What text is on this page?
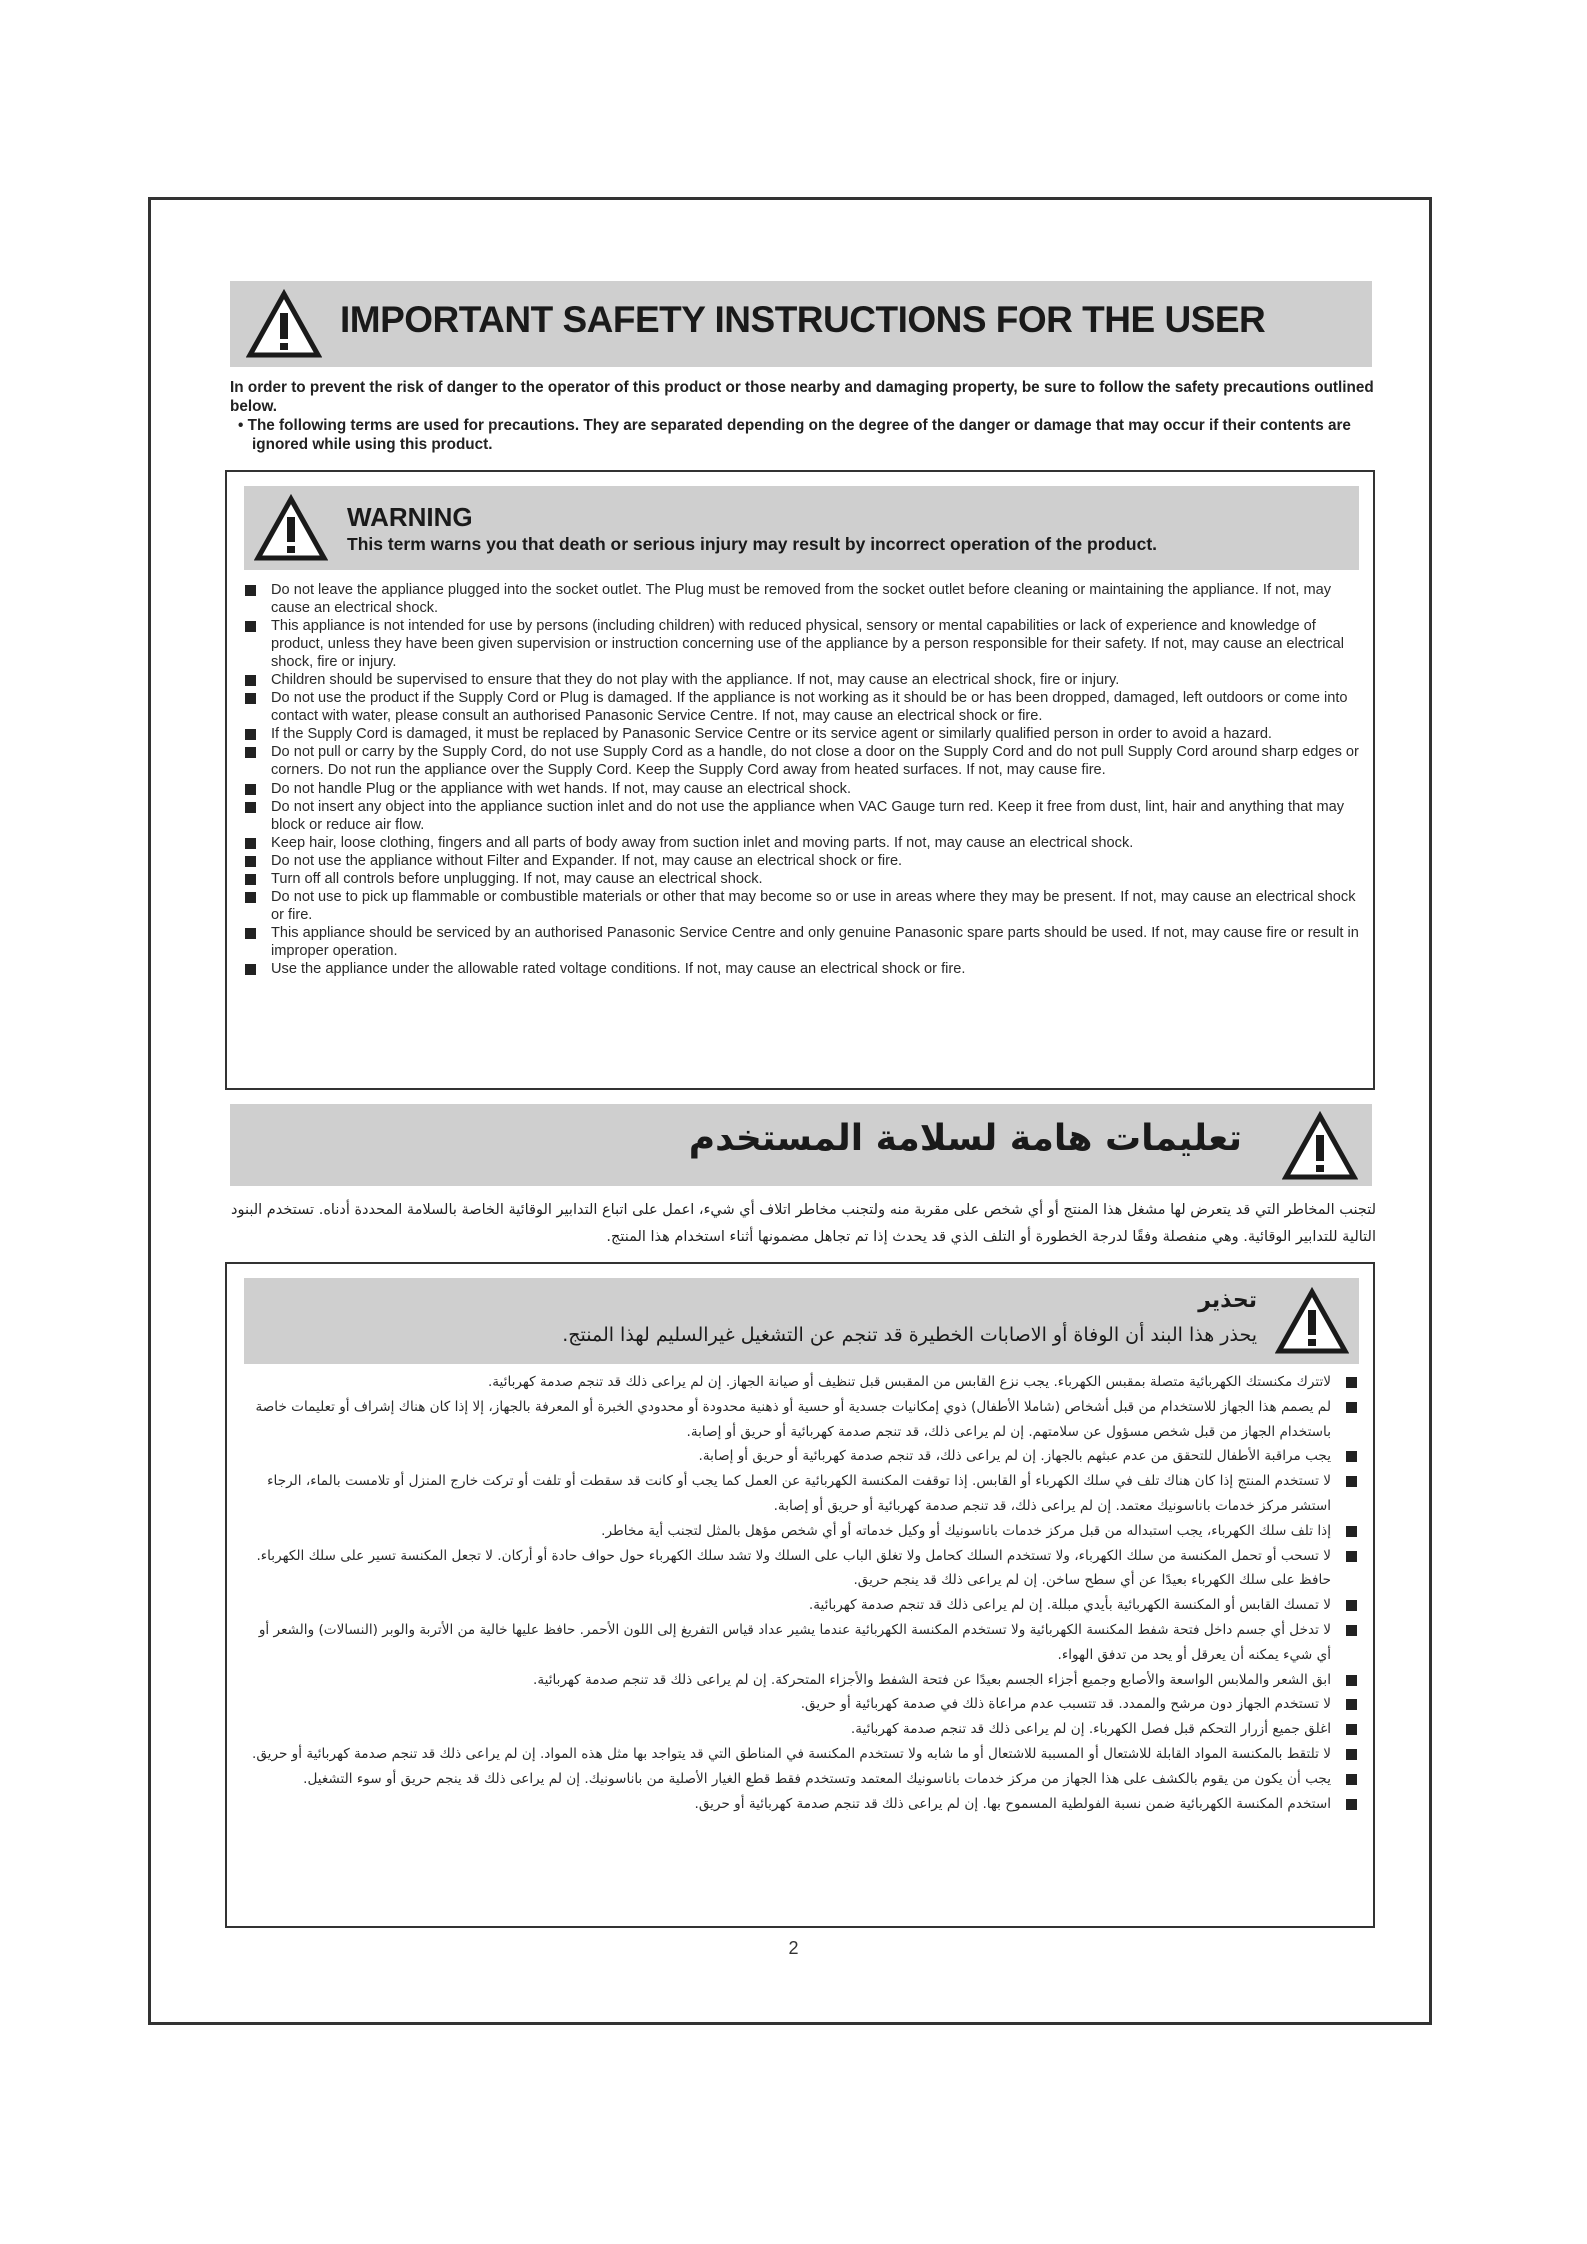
IMPORTANT SAFETY INSTRUCTIONS FOR THE USER

In order to prevent the risk of danger to the operator of this product or those nearby and damaging property, be sure to follow the safety precautions outlined below.

• The following terms are used for precautions. They are separated depending on the degree of the danger or damage that may occur if their contents are ignored while using this product.

WARNING
This term warns you that death or serious injury may result by incorrect operation of the product.
Do not leave the appliance plugged into the socket outlet. The Plug must be removed from the socket outlet before cleaning or maintaining the appliance. If not, may cause an electrical shock.
This appliance is not intended for use by persons (including children) with reduced physical, sensory or mental capabilities or lack of experience and knowledge of product, unless they have been given supervision or instruction concerning use of the appliance by a person responsible for their safety. If not, may cause an electrical shock, fire or injury.
Children should be supervised to ensure that they do not play with the appliance. If not, may cause an electrical shock, fire or injury.
Do not use the product if the Supply Cord or Plug is damaged. If the appliance is not working as it should be or has been dropped, damaged, left outdoors or come into contact with water, please consult an authorised Panasonic Service Centre. If not, may cause an electrical shock or fire.
If the Supply Cord is damaged, it must be replaced by Panasonic Service Centre or its service agent or similarly qualified person in order to avoid a hazard.
Do not pull or carry by the Supply Cord, do not use Supply Cord as a handle, do not close a door on the Supply Cord and do not pull Supply Cord around sharp edges or corners. Do not run the appliance over the Supply Cord. Keep the Supply Cord away from heated surfaces. If not, may cause fire.
Do not handle Plug or the appliance with wet hands. If not, may cause an electrical shock.
Do not insert any object into the appliance suction inlet and do not use the appliance when VAC Gauge turn red. Keep it free from dust, lint, hair and anything that may block or reduce air flow.
Keep hair, loose clothing, fingers and all parts of body away from suction inlet and moving parts. If not, may cause an electrical shock.
Do not use the appliance without Filter and Expander. If not, may cause an electrical shock or fire.
Turn off all controls before unplugging. If not, may cause an electrical shock.
Do not use to pick up flammable or combustible materials or other that may become so or use in areas where they may be present. If not, may cause an electrical shock or fire.
This appliance should be serviced by an authorised Panasonic Service Centre and only genuine Panasonic spare parts should be used. If not, may cause fire or result in improper operation.
Use the appliance under the allowable rated voltage conditions. If not, may cause an electrical shock or fire.
تعليمات هامة لسلامة المستخدم

لتجنب المخاطر التي قد يتعرض لها مشغل هذا المنتج أو أي شخص على مقربة منه ولتجنب مخاطر اتلاف أي شيء، اعمل على اتباع التدابير الوقائية الخاصة بالسلامة المحددة أدناه. تستخدم البنود التالية للتدابير الوقائية. وهي منفصلة وفقًا لدرجة الخطورة أو التلف الذي قد يحدث إذا تم تجاهل مضمونها أثناء استخدام هذا المنتج.

تحذير
يحذر هذا البند أن الوفاة أو الاصابات الخطيرة قد تنجم عن التشغيل غيرالسليم لهذا المنتج.
لاتترك مكنستك الكهربائية متصلة بمقبس الكهرباء. يجب نزع القابس من المقبس قبل تنظيف أو صيانة الجهاز. إن لم يراعى ذلك قد تنجم صدمة كهربائية.
لم يصمم هذا الجهاز للاستخدام من قبل أشخاص (شاملا الأطفال) ذوي إمكانيات جسدية أو حسية أو ذهنية محدودة أو محدودي الخبرة أو المعرفة بالجهاز، إلا إذا كان هناك إشراف أو تعليمات خاصة باستخدام الجهاز من قبل شخص مسؤول عن سلامتهم. إن لم يراعى ذلك، قد تنجم صدمة كهربائية أو حريق أو إصابة.
يجب مراقبة الأطفال للتحقق من عدم عبثهم بالجهاز. إن لم يراعى ذلك، قد تنجم صدمة كهربائية أو حريق أو إصابة.
لا تستخدم المنتج إذا كان هناك تلف في سلك الكهرباء أو القابس. إذا توقفت المكنسة الكهربائية عن العمل كما يجب أو كانت قد سقطت أو تلفت أو تركت خارج المنزل أو تلامست بالماء، الرجاء استشر مركز خدمات باناسونيك معتمد. إن لم يراعى ذلك، قد تنجم صدمة كهربائية أو حريق أو إصابة.
إذا تلف سلك الكهرباء، يجب استبداله من قبل مركز خدمات باناسونيك أو وكيل خدماته أو أي شخص مؤهل بالمثل لتجنب أية مخاطر.
لا تسحب أو تحمل المكنسة من سلك الكهرباء، ولا تستخدم السلك كحامل ولا تغلق الباب على السلك ولا تشد سلك الكهرباء حول حواف حادة أو أركان. لا تجعل المكنسة تسير على سلك الكهرباء. حافظ على سلك الكهرباء بعيدًا عن أي سطح ساخن. إن لم يراعى ذلك قد ينجم حريق.
لا تمسك القابس أو المكنسة الكهربائية بأيدي مبللة. إن لم يراعى ذلك قد تنجم صدمة كهربائية.
لا تدخل أي جسم داخل فتحة شفط المكنسة الكهربائية ولا تستخدم المكنسة الكهربائية عندما يشير عداد قياس التفريغ إلى اللون الأحمر. حافظ عليها خالية من الأتربة والوبر (النسالات) والشعر أو أي شيء يمكنه أن يعرقل أو يحد من تدفق الهواء.
ابق الشعر والملابس الواسعة والأصابع وجميع أجزاء الجسم بعيدًا عن فتحة الشفط والأجزاء المتحركة. إن لم يراعى ذلك قد تنجم صدمة كهربائية.
لا تستخدم الجهاز دون مرشح والممدد. قد تتسبب عدم مراعاة ذلك في صدمة كهربائية أو حريق.
اغلق جميع أزرار التحكم قبل فصل الكهرباء. إن لم يراعى ذلك قد تنجم صدمة كهربائية.
لا تلتقط بالمكنسة المواد القابلة للاشتعال أو المسببة للاشتعال أو ما شابه ولا تستخدم المكنسة في المناطق التي قد يتواجد بها مثل هذه المواد. إن لم يراعى ذلك قد تنجم صدمة كهربائية أو حريق.
يجب أن يكون من يقوم بالكشف على هذا الجهاز من مركز خدمات باناسونيك المعتمد وتستخدم فقط قطع الغيار الأصلية من باناسونيك. إن لم يراعى ذلك قد ينجم حريق أو سوء التشغيل.
استخدم المكنسة الكهربائية ضمن نسبة الفولطية المسموح بها. إن لم يراعى ذلك قد تنجم صدمة كهربائية أو حريق.
2
